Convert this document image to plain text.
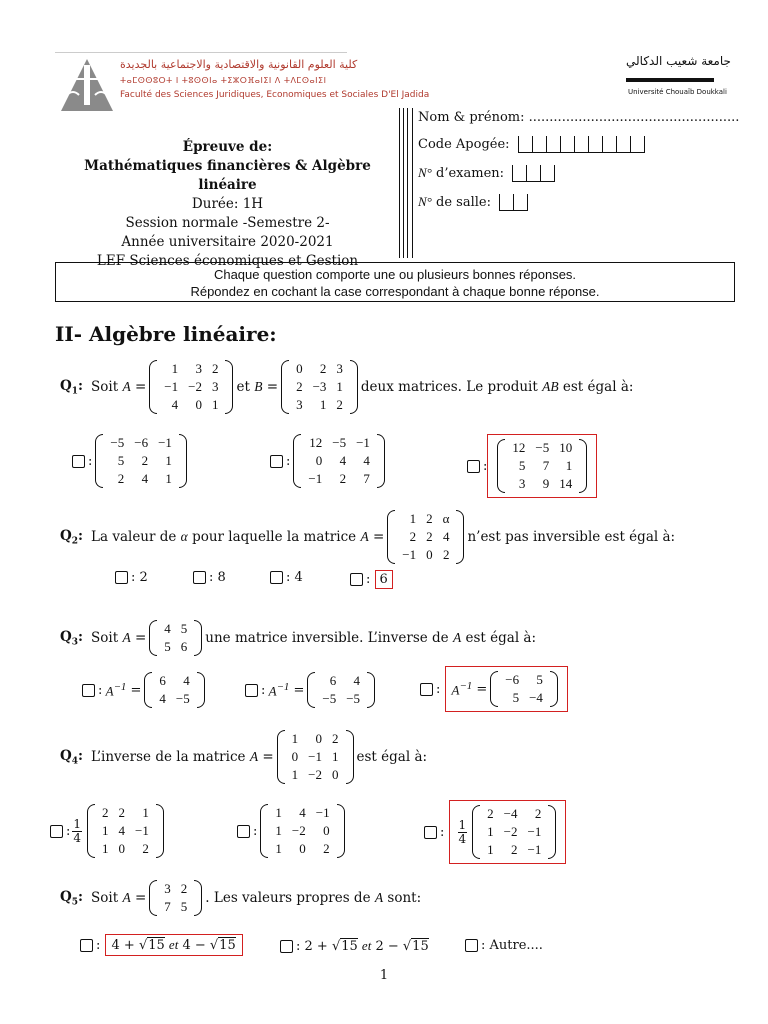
كلية العلوم القانونية والاقتصادية والاجتماعية بالجديدة
ⵜⴰⵎⵙⵙⵓⵔⵜ ⵏ ⵜⵓⵙⵙⵏⴰ ⵜⵉⵣⵔⴼⴰⵏⵉⵏ ⴷ ⵜⴷⵎⵙⴰⵏⵉⵏ
Faculté des Sciences Juridiques, Economiques et Sociales D'El Jadida
جامعة شعيب الدكالي
Université Chouaïb Doukkali
Épreuve de:
Mathématiques financières & Algèbre linéaire
Durée: 1H
Session normale -Semestre 2-
Année universitaire 2020-2021
LEF Sciences économiques et Gestion
Nom & prénom: ...................................................
Code Apogée:
N° d’examen:
N° de salle:
Chaque question comporte une ou plusieurs bonnes réponses.
Répondez en cochant la case correspondant à chaque bonne réponse.
II- Algèbre linéaire:
$Q_1$: Soit
A
=
1	3	2
−1	−2	3
4	0	1
et
B
=
0	2	3
2	−3	1
3	1	2
deux matrices. Le produit
AB
est égal à:
:
−5	−6	−1
5	2	1
2	4	1
:
12	−5	−1
0	4	4
−1	2	7
:
12	−5	10
5	7	1
3	9	14
$Q_2$: La valeur de
α
pour laquelle la matrice
A
=
1	2	α
2	2	4
−1	0	2
n’est pas inversible est égal à:
: 2	: 8	: 4	: 6
$Q_3$: Soit
A
=
4	5
5	6
une matrice inversible. L’inverse de
A
est égal à:
: $A^{-1}$ =
6	4
4	−5
: $A^{-1}$ =
6	4
−5	−5
: $A^{-1}$ =
−6	5
5	−4
$Q_4$: L’inverse de la matrice
A
=
1	0	2
0	−1	1
1	−2	0
est égal à:
: $\frac{1}{4}$
2	2	1
1	4	−1
1	0	2
:
1	4	−1
1	−2	0
1	0	2
: $\frac{1}{4}$
2	−4	2
1	−2	−1
1	2	−1
$Q_5$: Soit
A
=
3	2
7	5
. Les valeurs propres de
A
sont:
: 4 + √ 15
et 4 − √ 15	: 2 + √ 15
et 2 − √ 15	: Autre....
1
